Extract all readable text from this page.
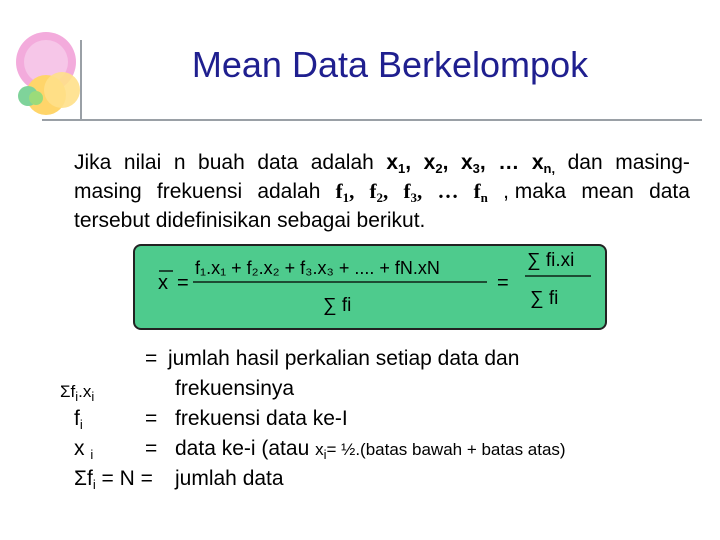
Mean Data Berkelompok
Jika nilai n buah data adalah $x_1$, $x_2$, $x_3$, … $x_{n,}$ dan masing-
masing frekuensi adalah $f_1$, $f_2$, $f_3$, … $f_n$ , maka mean data
tersebut didefinisikan sebagai berikut.
x =
f₁.x₁ + f₂.x₂ + f₃.x₃ + .... + fN.xN
∑ fi
=
∑ fi.xi
∑ fi
= jumlah hasil perkalian setiap data dan
$\Sigma f_i.x_i$	frekuensinya
$f_i$	= frekuensi data ke-I
x $_i$ = data ke-i (atau $x_i=$ ½.(batas bawah + batas atas)
$\Sigma f_i = N$ = jumlah data
